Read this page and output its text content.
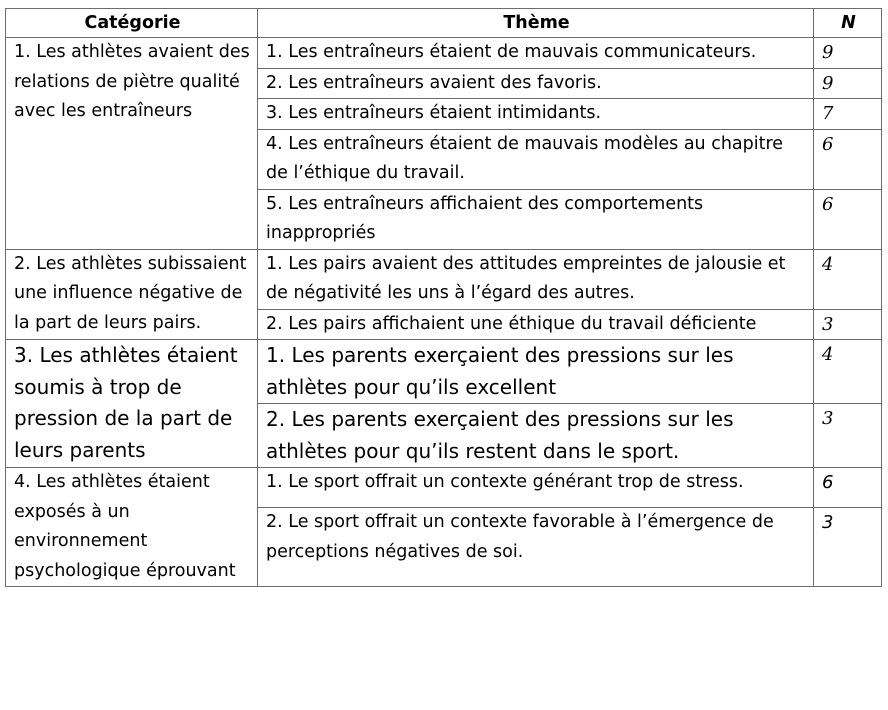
Catégorie	Thème	N
1. Les athlètes avaient des relations de piètre qualité avec les entraîneurs	1. Les entraîneurs étaient de mauvais communicateurs.	9
	2. Les entraîneurs avaient des favoris.	9
	3. Les entraîneurs étaient intimidants.	7
	4. Les entraîneurs étaient de mauvais modèles au chapitre de l’éthique du travail.	6
	5. Les entraîneurs affichaient des comportements inappropriés	6
2. Les athlètes subissaient une influence négative de la part de leurs pairs.	1. Les pairs avaient des attitudes empreintes de jalousie et de négativité les uns à l’égard des autres.	4
	2. Les pairs affichaient une éthique du travail déficiente	3
3. Les athlètes étaient soumis à trop de pression de la part de leurs parents	1. Les parents exerçaient des pressions sur les athlètes pour qu’ils excellent	4
	2. Les parents exerçaient des pressions sur les athlètes pour qu’ils restent dans le sport.	3
4. Les athlètes étaient exposés à un environnement psychologique éprouvant	1. Le sport offrait un contexte générant trop de stress.	6
	2. Le sport offrait un contexte favorable à l’émergence de perceptions négatives de soi.	3
